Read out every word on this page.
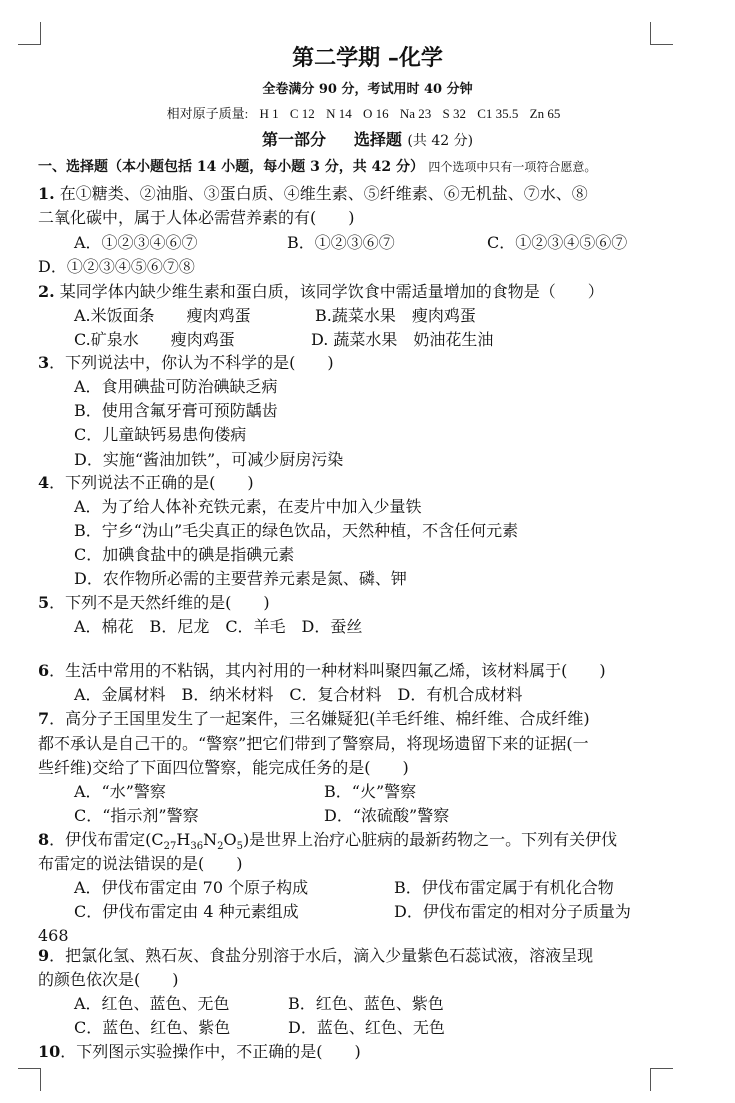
第二学期 –化学
全卷满分 90 分，考试用时 40 分钟
相对原子质量: H 1 C 12 N 14 O 16 Na 23 S 32 C1 35.5 Zn 65
第一部分 选择题 (共 42 分)
一、选择题（本小题包括 14 小题，每小题 3 分，共 42 分） 四个选项中只有一项符合愿意。
1. 在①糖类、②油脂、③蛋白质、④维生素、⑤纤维素、⑥无机盐、⑦水、⑧
二氧化碳中，属于人体必需营养素的有(　　)
A．①②③④⑥⑦	B．①②③⑥⑦	C．①②③④⑤⑥⑦
D．①②③④⑤⑥⑦⑧
2. 某同学体内缺少维生素和蛋白质，该同学饮食中需适量增加的食物是（　　）
A.米饭面条　　瘦肉鸡蛋	B.蔬菜水果　瘦肉鸡蛋
C.矿泉水　　瘦肉鸡蛋	D. 蔬菜水果　奶油花生油
3．下列说法中，你认为不科学的是(　　)
A．食用碘盐可防治碘缺乏病
B．使用含氟牙膏可预防龋齿
C．儿童缺钙易患佝偻病
D．实施“酱油加铁”，可减少厨房污染
4．下列说法不正确的是(　　)
A．为了给人体补充铁元素，在麦片中加入少量铁
B．宁乡“沩山”毛尖真正的绿色饮品，天然种植，不含任何元素
C．加碘食盐中的碘是指碘元素
D．农作物所必需的主要营养元素是氮、磷、钾
5．下列不是天然纤维的是(　　)
A．棉花　B．尼龙　C．羊毛　D．蚕丝
6．生活中常用的不粘锅，其内衬用的一种材料叫聚四氟乙烯，该材料属于(　　)
A．金属材料　B．纳米材料　C．复合材料　D．有机合成材料
7．高分子王国里发生了一起案件，三名嫌疑犯(羊毛纤维、棉纤维、合成纤维)
都不承认是自己干的。“警察”把它们带到了警察局，将现场遗留下来的证据(一
些纤维)交给了下面四位警察，能完成任务的是(　　)
A．“水”警察	B．“火”警察
C．“指示剂”警察	D．“浓硫酸”警察
8．伊伐布雷定$(C_{27}H_{36}N_2O_5)$是世界上治疗心脏病的最新药物之一。下列有关伊伐
布雷定的说法错误的是(　　)
A．伊伐布雷定由 70 个原子构成	B．伊伐布雷定属于有机化合物
C．伊伐布雷定由 4 种元素组成	D．伊伐布雷定的相对分子质量为
468
9．把氯化氢、熟石灰、食盐分别溶于水后，滴入少量紫色石蕊试液，溶液呈现
的颜色依次是(　　)
A．红色、蓝色、无色	B．红色、蓝色、紫色
C．蓝色、红色、紫色	D．蓝色、红色、无色
10．下列图示实验操作中，不正确的是(　　)
